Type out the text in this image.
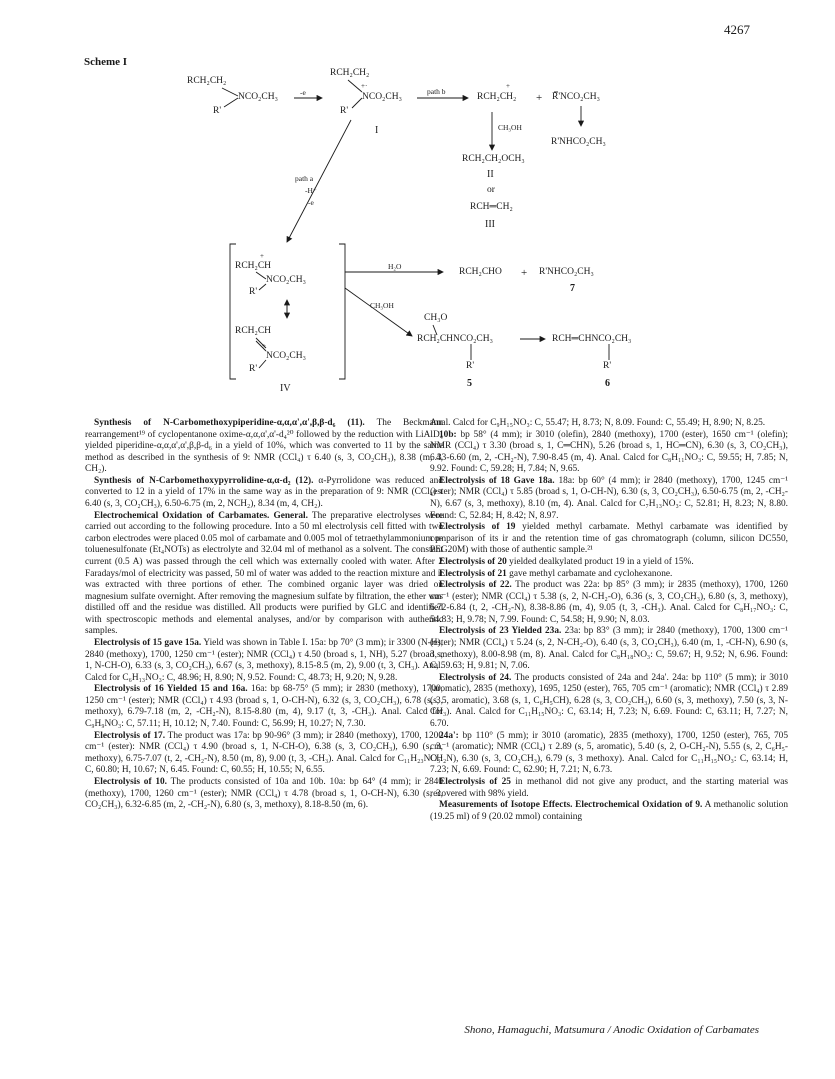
4267
Scheme I
RCH₂CH₂
NCO₂CH₃
R'
-e
RCH₂CH₂
+·
NCO₂CH₃
R'
I
path b
RCH₂CH₂
+
+ R'NCO₂CH₃
CH₃OH
R'NHCO₂CH₃
RCH₂CH₂OCH₃
II
or
RCH═CH₂
III
path a
-H⁺
-e
RCH₂CH
+
NCO₂CH₃
R'
RCH₂CH
+
NCO₂CH₃
R'
IV
H₂O
CH₃OH
RCH₂CHO + R'NHCO₂CH₃
7
CH₃O
RCH₂CHNCO₂CH₃
R'
5
RCH═CHNCO₂CH₃
R'
6

Synthesis of N-Carbomethoxypiperidine-α,α,α',α',β,β-d₆ (11). The Beckmann rearrangement¹⁹ of cyclopentanone oxime-α,α,α',α'-d₄²⁰ followed by the reduction with LiAlD₄ yielded piperidine-α,α,α',α',β,β-d₆ in a yield of 10%, which was converted to 11 by the same method as described in the synthesis of 9: NMR (CCl₄) τ 6.40 (s, 3, CO₂CH₃), 8.38 (m, 4, CH₂).

Synthesis of N-Carbomethoxypyrrolidine-α,α-d₂ (12). α-Pyrrolidone was reduced and converted to 12 in a yield of 17% in the same way as in the preparation of 9: NMR (CCl₄) τ 6.40 (s, 3, CO₂CH₃), 6.50-6.75 (m, 2, NCH₂), 8.34 (m, 4, CH₂).

Electrochemical Oxidation of Carbamates. General. The preparative electrolyses were carried out according to the following procedure. Into a 50 ml electrolysis cell fitted with two carbon electrodes were placed 0.05 mol of carbamate and 0.005 mol of tetraethylammonium p-toluenesulfonate (Et₄NOTs) as electrolyte and 32.04 ml of methanol as a solvent. The constant current (0.5 A) was passed through the cell which was externally cooled with water. After 2 Faradays/mol of electricity was passed, 50 ml of water was added to the reaction mixture and it was extracted with three portions of ether. The combined organic layer was dried on magnesium sulfate overnight. After removing the magnesium sulfate by filtration, the ether was distilled off and the residue was distilled. All products were purified by GLC and identified with spectroscopic methods and elemental analyses, and/or by comparison with authentic samples.

Electrolysis of 15 gave 15a. Yield was shown in Table I. 15a: bp 70° (3 mm); ir 3300 (N-H), 2840 (methoxy), 1700, 1250 cm⁻¹ (ester); NMR (CCl₄) τ 4.50 (broad s, 1, NH), 5.27 (broad s, 1, N-CH-O), 6.33 (s, 3, CO₂CH₃), 6.67 (s, 3, methoxy), 8.15-8.5 (m, 2), 9.00 (t, 3, CH₃). Anal. Calcd for C₆H₁₃NO₃: C, 48.96; H, 8.90; N, 9.52. Found: C, 48.73; H, 9.20; N, 9.28.

Electrolysis of 16 Yielded 15 and 16a. 16a: bp 68-75° (5 mm); ir 2830 (methoxy), 1700, 1250 cm⁻¹ (ester); NMR (CCl₄) τ 4.93 (broad s, 1, O-CH-N), 6.32 (s, 3, CO₂CH₃), 6.78 (s, 3, methoxy), 6.79-7.18 (m, 2, -CH₂-N), 8.15-8.80 (m, 4), 9.17 (t, 3, -CH₃). Anal. Calcd for C₉H₉NO₃: C, 57.11; H, 10.12; N, 7.40. Found: C, 56.99; H, 10.27; N, 7.30.

Electrolysis of 17. The product was 17a: bp 90-96° (3 mm); ir 2840 (methoxy), 1700, 1200 cm⁻¹ (ester): NMR (CCl₄) τ 4.90 (broad s, 1, N-CH-O), 6.38 (s, 3, CO₂CH₃), 6.90 (s, 3, methoxy), 6.75-7.07 (t, 2, -CH₂-N), 8.50 (m, 8), 9.00 (t, 3, -CH₃). Anal. Calcd for C₁₁H₂₃NO₃: C, 60.80; H, 10.67; N, 6.45. Found: C, 60.55; H, 10.55; N, 6.55.

Electrolysis of 10. The products consisted of 10a and 10b. 10a: bp 64° (4 mm); ir 2840 (methoxy), 1700, 1260 cm⁻¹ (ester); NMR (CCl₄) τ 4.78 (broad s, 1, O-CH-N), 6.30 (s, 3, CO₂CH₃), 6.32-6.85 (m, 2, -CH₂-N), 6.80 (s, 3, methoxy), 8.18-8.50 (m, 6).

Anal. Calcd for C₉H₁₅NO₃: C, 55.47; H, 8.73; N, 8.09. Found: C, 55.49; H, 8.90; N, 8.25.

10b: bp 58° (4 mm); ir 3010 (olefin), 2840 (methoxy), 1700 (ester), 1650 cm⁻¹ (olefin); NMR (CCl₄) τ 3.30 (broad s, 1, C═CHN), 5.26 (broad s, 1, HC═CN), 6.30 (s, 3, CO₂CH₃), 6.33-6.60 (m, 2, -CH₂-N), 7.90-8.45 (m, 4). Anal. Calcd for C₈H₁₁NO₃: C, 59.55; H, 7.85; N, 9.92. Found: C, 59.28; H, 7.84; N, 9.65.

Electrolysis of 18 Gave 18a. 18a: bp 60° (4 mm); ir 2840 (methoxy), 1700, 1245 cm⁻¹ (ester); NMR (CCl₄) τ 5.85 (broad s, 1, O-CH-N), 6.30 (s, 3, CO₂CH₃), 6.50-6.75 (m, 2, -CH₂-N), 6.67 (s, 3, methoxy), 8.10 (m, 4). Anal. Calcd for C₇H₁₃NO₃: C, 52.81; H, 8.23; N, 8.80. Found: C, 52.84; H, 8.42; N, 8.97.

Electrolysis of 19 yielded methyl carbamate. Methyl carbamate was identified by comparison of its ir and the retention time of gas chromatograph (column, silicon DC550, PEG20M) with those of authentic sample.²¹

Electrolysis of 20 yielded dealkylated product 19 in a yield of 15%.

Electrolysis of 21 gave methyl carbamate and cyclohexanone.

Electrolysis of 22. The product was 22a: bp 85° (3 mm); ir 2835 (methoxy), 1700, 1260 cm⁻¹ (ester); NMR (CCl₄) τ 5.38 (s, 2, N-CH₂-O), 6.36 (s, 3, CO₂CH₃), 6.80 (s, 3, methoxy), 6.72-6.84 (t, 2, -CH₂-N), 8.38-8.86 (m, 4), 9.05 (t, 3, -CH₃). Anal. Calcd for C₈H₁₇NO₃: C, 54.83; H, 9.78; N, 7.99. Found: C, 54.58; H, 9.90; N, 8.03.

Electrolysis of 23 Yielded 23a. 23a: bp 83° (3 mm); ir 2840 (methoxy), 1700, 1300 cm⁻¹ (ester); NMR (CCl₄) τ 5.24 (s, 2, N-CH₂-O), 6.40 (s, 3, CO₂CH₃), 6.40 (m, 1, -CH-N), 6.90 (s, 3, methoxy), 8.00-8.98 (m, 8). Anal. Calcd for C₈H₁₈NO₃: C, 59.67; H, 9.52; N, 6.96. Found: C, 59.63; H, 9.81; N, 7.06.

Electrolysis of 24. The products consisted of 24a and 24a'. 24a: bp 110° (5 mm); ir 3010 (aromatic), 2835 (methoxy), 1695, 1250 (ester), 765, 705 cm⁻¹ (aromatic); NMR (CCl₄) τ 2.89 (s, 5, aromatic), 3.68 (s, 1, C₆H₅CH), 6.28 (s, 3, CO₂CH₃), 6.60 (s, 3, methoxy), 7.50 (s, 3, N-CH₃). Anal. Calcd for C₁₁H₁₅NO₃: C, 63.14; H, 7.23; N, 6.69. Found: C, 63.11; H, 7.27; N, 6.70.

24a': bp 110° (5 mm); ir 3010 (aromatic), 2835 (methoxy), 1700, 1250 (ester), 765, 705 cm⁻¹ (aromatic); NMR (CCl₄) τ 2.89 (s, 5, aromatic), 5.40 (s, 2, O-CH₂-N), 5.55 (s, 2, C₆H₅-CH₂N), 6.30 (s, 3, CO₂CH₃), 6.79 (s, 3 methoxy). Anal. Calcd for C₁₁H₁₅NO₃: C, 63.14; H, 7.23; N, 6.69. Found: C, 62.90; H, 7.21; N, 6.73.

Electrolysis of 25 in methanol did not give any product, and the starting material was recovered with 98% yield.

Measurements of Isotope Effects. Electrochemical Oxidation of 9. A methanolic solution (19.25 ml) of 9 (20.02 mmol) containing

Shono, Hamaguchi, Matsumura / Anodic Oxidation of Carbamates
